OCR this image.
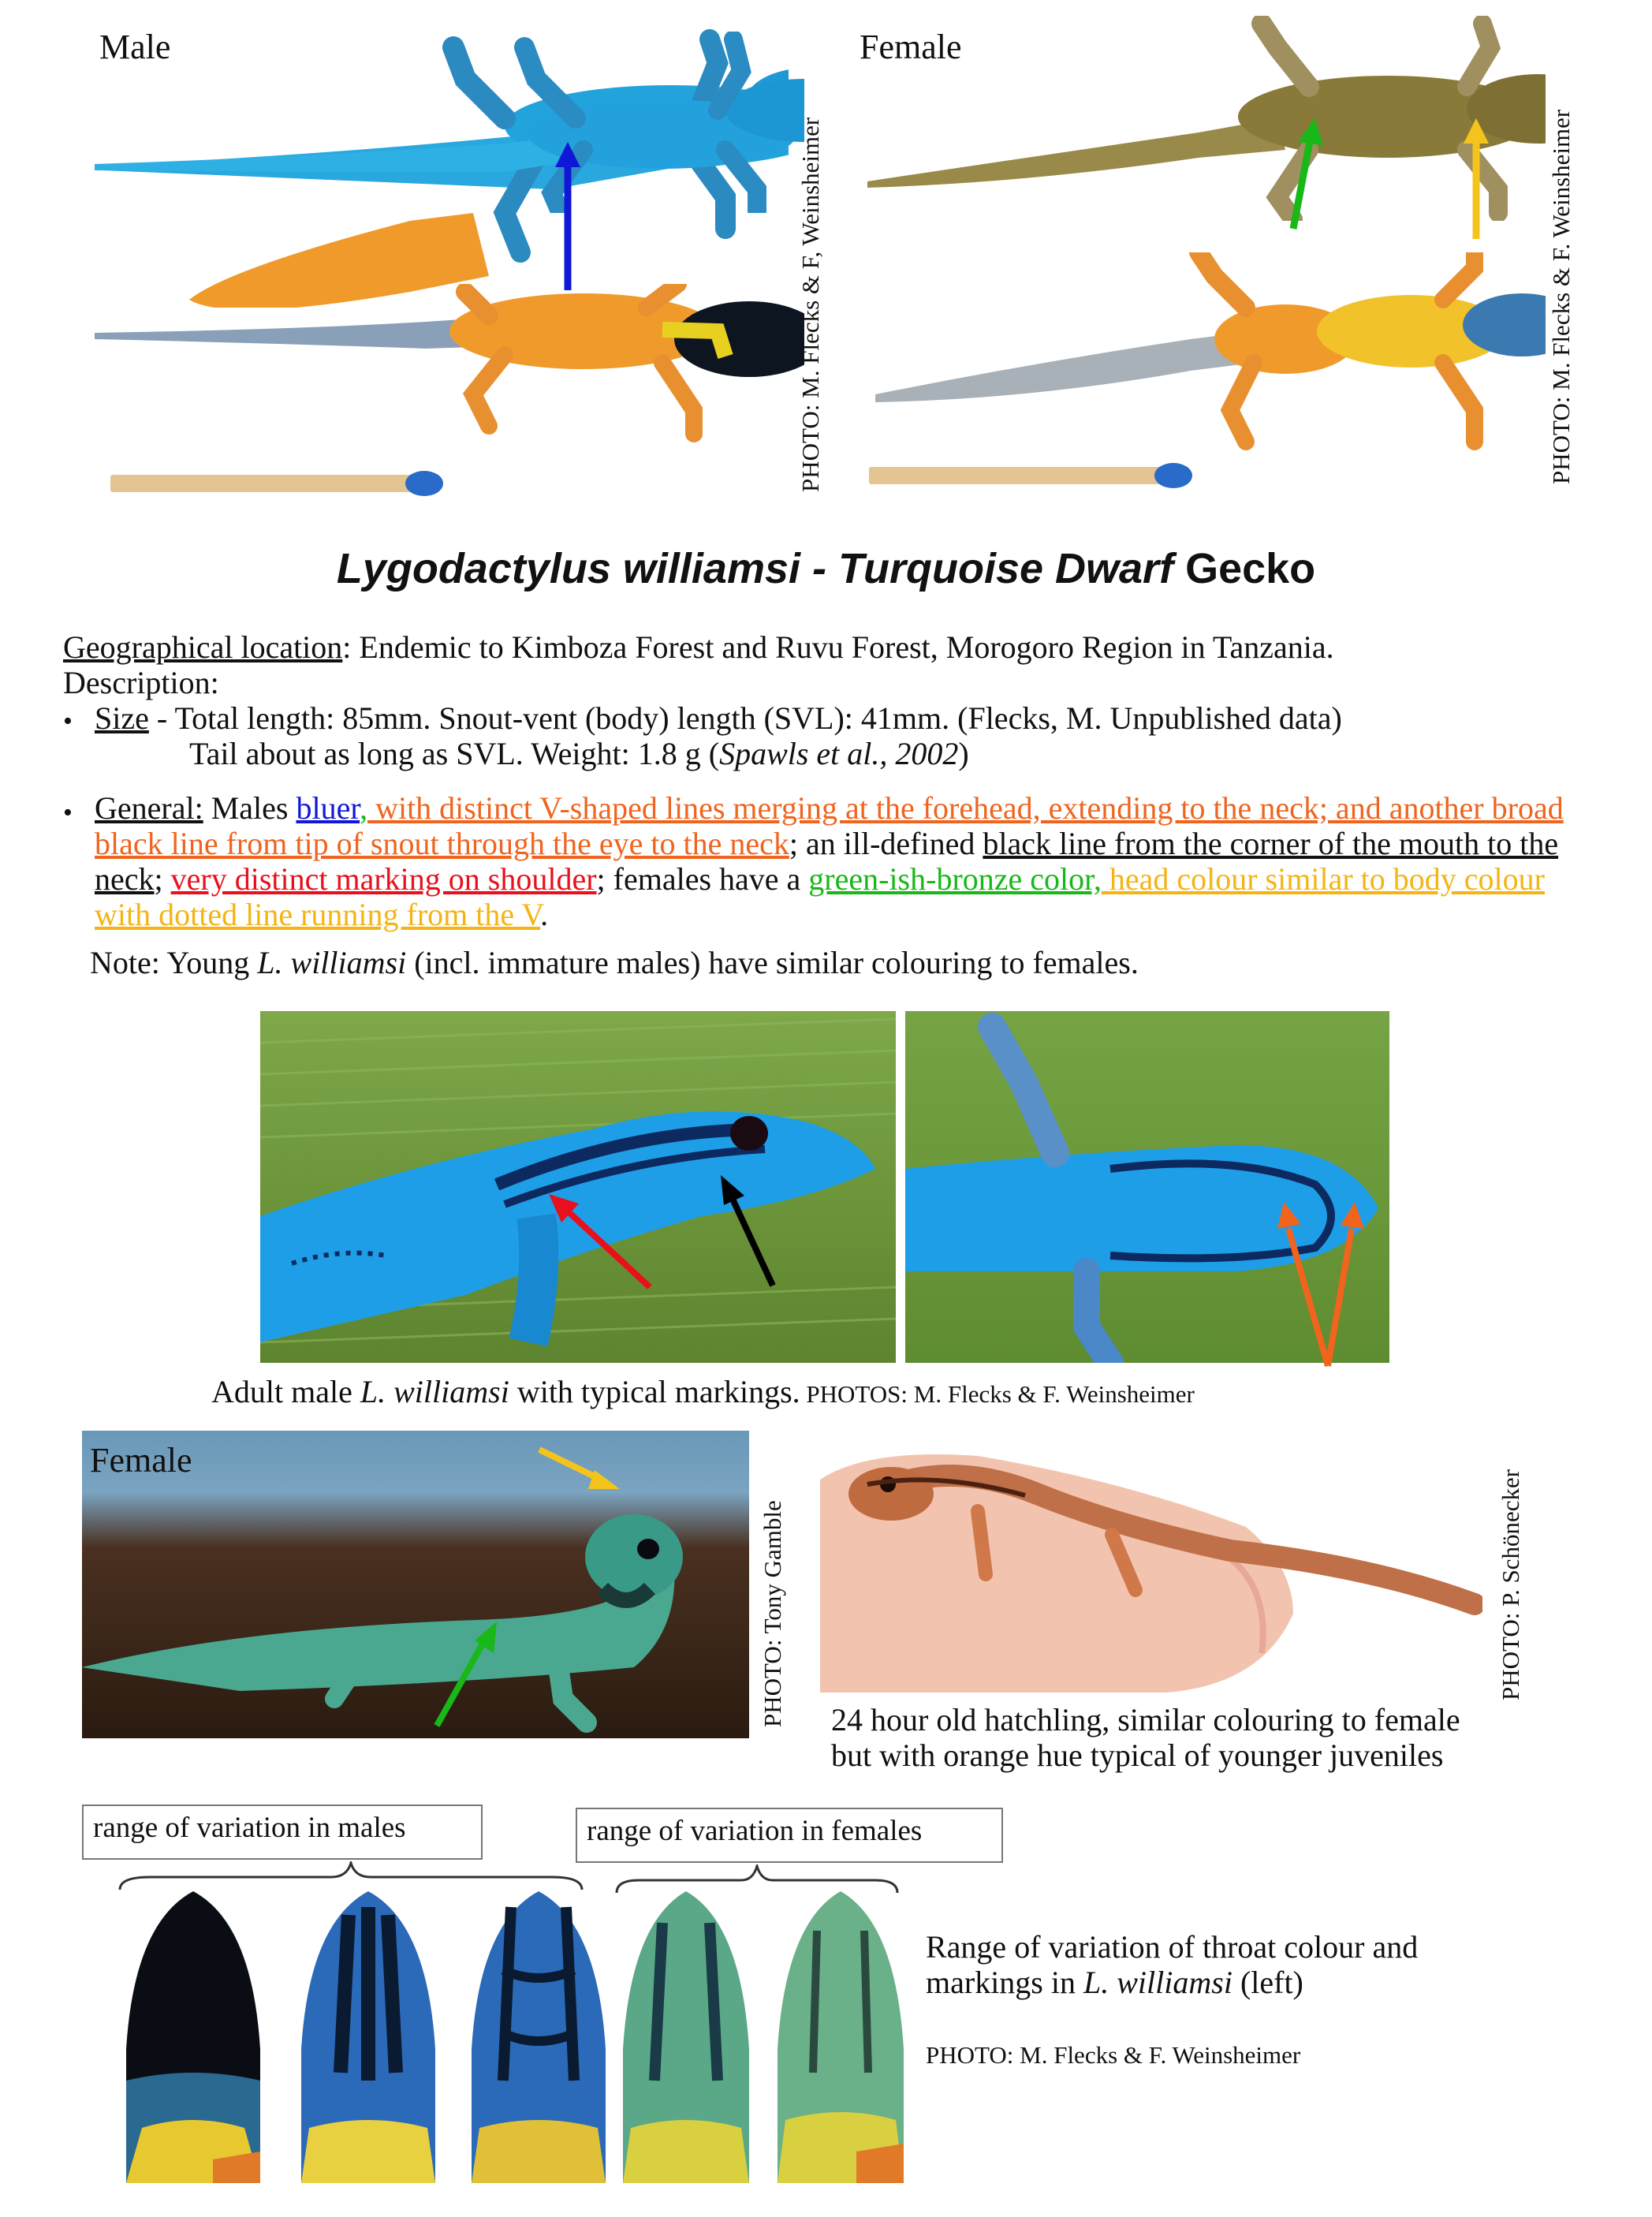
Male	Female
PHOTO: M. Flecks & F, Weinsheimer	PHOTO: M. Flecks & F. Weinsheimer
Lygodactylus williamsi - Turquoise Dwarf Gecko
Geographical location: Endemic to Kimboza Forest and Ruvu Forest, Morogoro Region in Tanzania.
Description:
• Size - Total length: 85mm. Snout-vent (body) length (SVL): 41mm. (Flecks, M. Unpublished data)
Tail about as long as SVL. Weight: 1.8 g (Spawls et al., 2002)
• General: Males bluer, with distinct V-shaped lines merging at the forehead, extending to the neck; and another broad black line from tip of snout through the eye to the neck; an ill-defined black line from the corner of the mouth to the neck; very distinct marking on shoulder; females have a green-ish-bronze color, head colour similar to body colour with dotted line running from the V.
Note: Young L. williamsi (incl. immature males) have similar colouring to females.
Adult male L. williamsi with typical markings. PHOTOS: M. Flecks & F. Weinsheimer
Female
PHOTO: Tony Gamble	PHOTO: P. Schönecker
24 hour old hatchling, similar colouring to female
but with orange hue typical of younger juveniles
range of variation in males	range of variation in females
Range of variation of throat colour and
markings in L. williamsi (left)
PHOTO: M. Flecks & F. Weinsheimer
